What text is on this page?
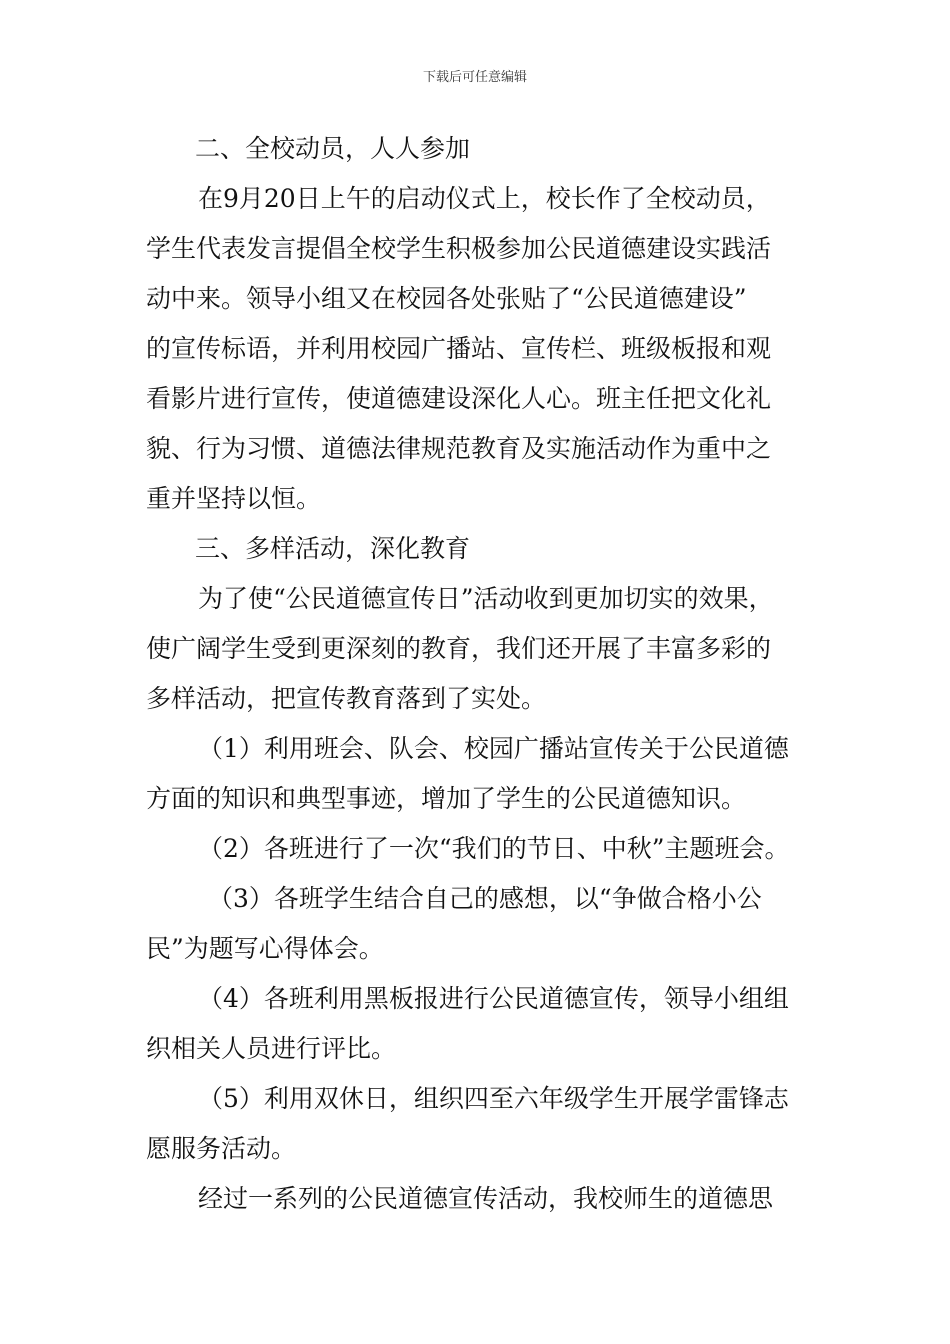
下载后可任意编辑
二、全校动员，人人参加
在9月20日上午的启动仪式上，校长作了全校动员，
学生代表发言提倡全校学生积极参加公民道德建设实践活
动中来。领导小组又在校园各处张贴了“公民道德建设”
的宣传标语，并利用校园广播站、宣传栏、班级板报和观
看影片进行宣传，使道德建设深化人心。班主任把文化礼
貌、行为习惯、道德法律规范教育及实施活动作为重中之
重并坚持以恒。
三、多样活动，深化教育
为了使“公民道德宣传日”活动收到更加切实的效果，
使广阔学生受到更深刻的教育，我们还开展了丰富多彩的
多样活动，把宣传教育落到了实处。
（1）利用班会、队会、校园广播站宣传关于公民道德
方面的知识和典型事迹，增加了学生的公民道德知识。
（2）各班进行了一次“我们的节日、中秋”主题班会。
（3）各班学生结合自己的感想，以“争做合格小公
民”为题写心得体会。
（4）各班利用黑板报进行公民道德宣传，领导小组组
织相关人员进行评比。
（5）利用双休日，组织四至六年级学生开展学雷锋志
愿服务活动。
经过一系列的公民道德宣传活动，我校师生的道德思
